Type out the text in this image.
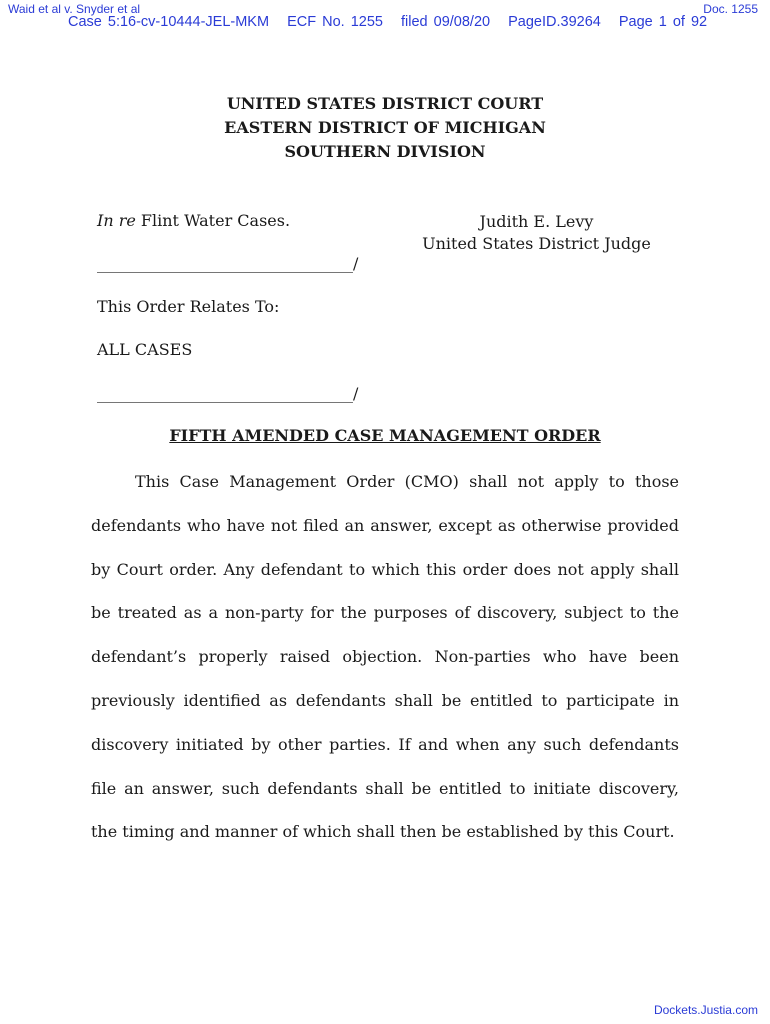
Waid et al v. Snyder et al	Doc. 1255
Case 5:16-cv-10444-JEL-MKM ECF No. 1255 filed 09/08/20 PageID.39264 Page 1 of 92
UNITED STATES DISTRICT COURT
EASTERN DISTRICT OF MICHIGAN
SOUTHERN DIVISION
In re Flint Water Cases.	Judith E. Levy
United States District Judge
________________________________/
This Order Relates To:
ALL CASES
________________________________/
FIFTH AMENDED CASE MANAGEMENT ORDER

This Case Management Order (CMO) shall not apply to those defendants who have not filed an answer, except as otherwise provided by Court order. Any defendant to which this order does not apply shall be treated as a non-party for the purposes of discovery, subject to the defendant’s properly raised objection. Non-parties who have been previously identified as defendants shall be entitled to participate in discovery initiated by other parties. If and when any such defendants file an answer, such defendants shall be entitled to initiate discovery, the timing and manner of which shall then be established by this Court.

Dockets.Justia.com
